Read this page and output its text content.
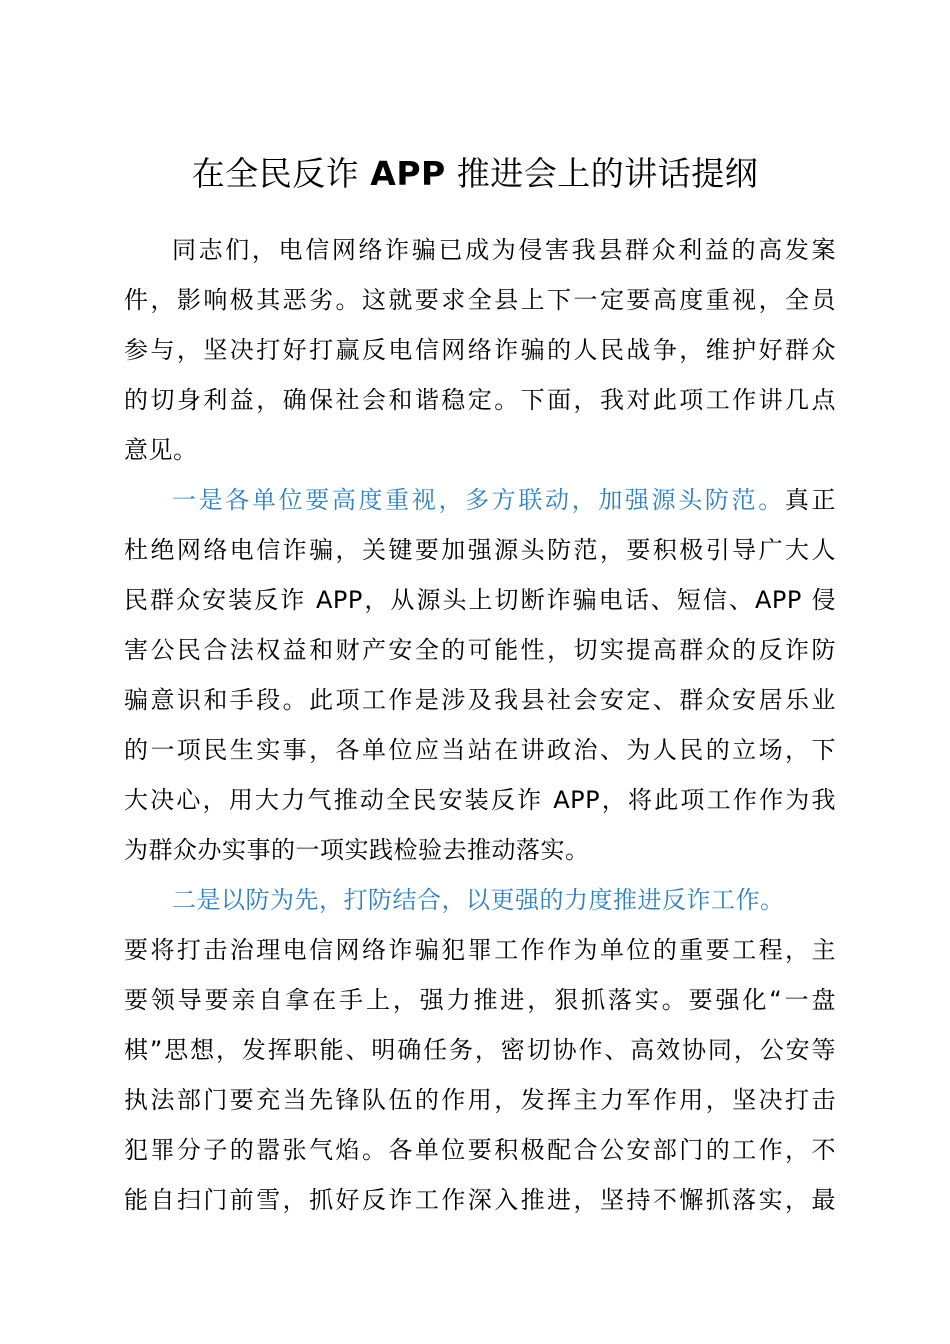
在全民反诈 APP 推进会上的讲话提纲
同志们，电信网络诈骗已成为侵害我县群众利益的高发案
件，影响极其恶劣。这就要求全县上下一定要高度重视，全员
参与，坚决打好打赢反电信网络诈骗的人民战争，维护好群众
的切身利益，确保社会和谐稳定。下面，我对此项工作讲几点
意见。
一是各单位要高度重视，多方联动，加强源头防范。真正
杜绝网络电信诈骗，关键要加强源头防范，要积极引导广大人
民群众安装反诈 APP，从源头上切断诈骗电话、短信、APP 侵
害公民合法权益和财产安全的可能性，切实提高群众的反诈防
骗意识和手段。此项工作是涉及我县社会安定、群众安居乐业
的一项民生实事，各单位应当站在讲政治、为人民的立场，下
大决心，用大力气推动全民安装反诈 APP，将此项工作作为我
为群众办实事的一项实践检验去推动落实。
二是以防为先，打防结合，以更强的力度推进反诈工作。
要将打击治理电信网络诈骗犯罪工作作为单位的重要工程，主
要领导要亲自拿在手上，强力推进，狠抓落实。要强化“一盘
棋”思想，发挥职能、明确任务，密切协作、高效协同，公安等
执法部门要充当先锋队伍的作用，发挥主力军作用，坚决打击
犯罪分子的嚣张气焰。各单位要积极配合公安部门的工作，不
能自扫门前雪，抓好反诈工作深入推进，坚持不懈抓落实，最
